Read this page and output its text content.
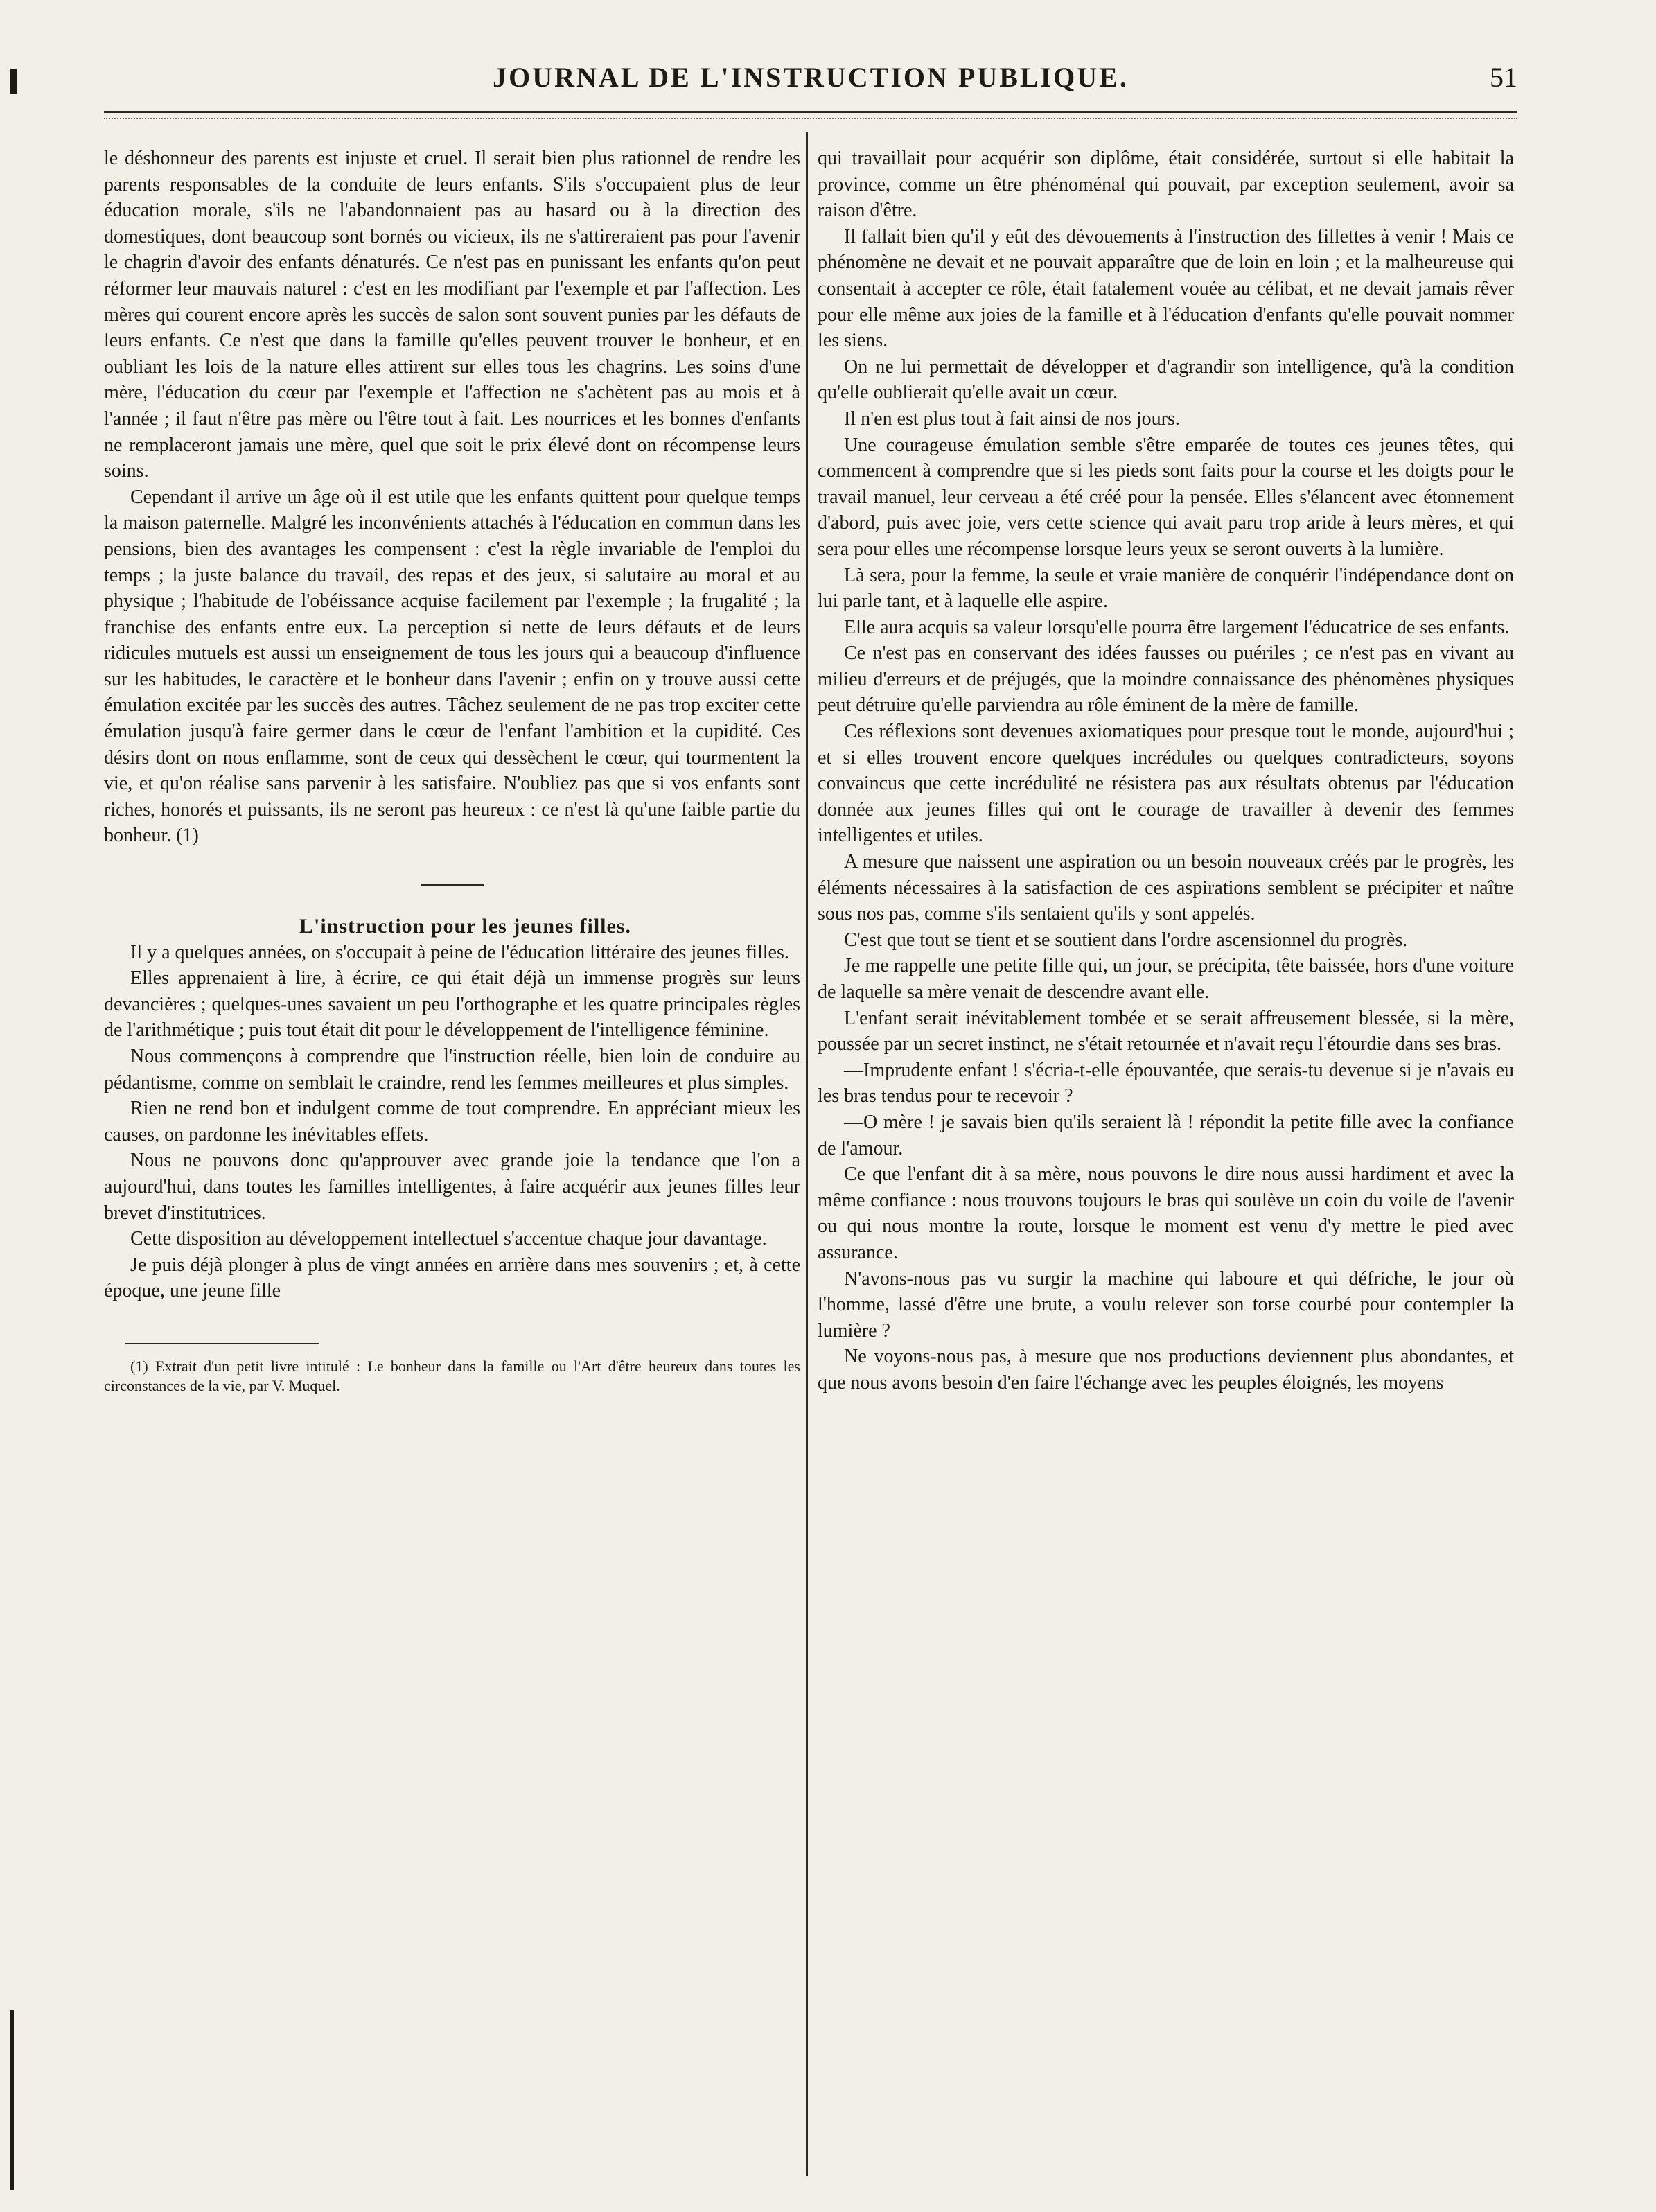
JOURNAL DE L'INSTRUCTION PUBLIQUE.	51

le déshonneur des parents est injuste et cruel. Il serait bien plus rationnel de rendre les parents responsables de la conduite de leurs enfants. S'ils s'occupaient plus de leur éducation morale, s'ils ne l'abandonnaient pas au hasard ou à la direction des domestiques, dont beaucoup sont bornés ou vicieux, ils ne s'attireraient pas pour l'avenir le chagrin d'avoir des enfants dénaturés. Ce n'est pas en punissant les enfants qu'on peut réformer leur mauvais naturel : c'est en les modifiant par l'exemple et par l'affection. Les mères qui courent encore après les succès de salon sont souvent punies par les défauts de leurs enfants. Ce n'est que dans la famille qu'elles peuvent trouver le bonheur, et en oubliant les lois de la nature elles attirent sur elles tous les chagrins. Les soins d'une mère, l'éducation du cœur par l'exemple et l'affection ne s'achètent pas au mois et à l'année ; il faut n'être pas mère ou l'être tout à fait. Les nourrices et les bonnes d'enfants ne remplaceront jamais une mère, quel que soit le prix élevé dont on récompense leurs soins.

Cependant il arrive un âge où il est utile que les enfants quittent pour quelque temps la maison paternelle. Malgré les inconvénients attachés à l'éducation en commun dans les pensions, bien des avantages les compensent : c'est la règle invariable de l'emploi du temps ; la juste balance du travail, des repas et des jeux, si salutaire au moral et au physique ; l'habitude de l'obéissance acquise facilement par l'exemple ; la frugalité ; la franchise des enfants entre eux. La perception si nette de leurs défauts et de leurs ridicules mutuels est aussi un enseignement de tous les jours qui a beaucoup d'influence sur les habitudes, le caractère et le bonheur dans l'avenir ; enfin on y trouve aussi cette émulation excitée par les succès des autres. Tâchez seulement de ne pas trop exciter cette émulation jusqu'à faire germer dans le cœur de l'enfant l'ambition et la cupidité. Ces désirs dont on nous enflamme, sont de ceux qui dessèchent le cœur, qui tourmentent la vie, et qu'on réalise sans parvenir à les satisfaire. N'oubliez pas que si vos enfants sont riches, honorés et puissants, ils ne seront pas heureux : ce n'est là qu'une faible partie du bonheur. (1)

L'instruction pour les jeunes filles.

Il y a quelques années, on s'occupait à peine de l'éducation littéraire des jeunes filles.

Elles apprenaient à lire, à écrire, ce qui était déjà un immense progrès sur leurs devancières ; quelques-unes savaient un peu l'orthographe et les quatre principales règles de l'arithmétique ; puis tout était dit pour le développement de l'intelligence féminine.

Nous commençons à comprendre que l'instruction réelle, bien loin de conduire au pédantisme, comme on semblait le craindre, rend les femmes meilleures et plus simples.

Rien ne rend bon et indulgent comme de tout comprendre. En appréciant mieux les causes, on pardonne les inévitables effets.

Nous ne pouvons donc qu'approuver avec grande joie la tendance que l'on a aujourd'hui, dans toutes les familles intelligentes, à faire acquérir aux jeunes filles leur brevet d'institutrices.

Cette disposition au développement intellectuel s'accentue chaque jour davantage.

Je puis déjà plonger à plus de vingt années en arrière dans mes souvenirs ; et, à cette époque, une jeune fille

(1) Extrait d'un petit livre intitulé : Le bonheur dans la famille ou l'Art d'être heureux dans toutes les circonstances de la vie, par V. Muquel.

qui travaillait pour acquérir son diplôme, était considérée, surtout si elle habitait la province, comme un être phénoménal qui pouvait, par exception seulement, avoir sa raison d'être.

Il fallait bien qu'il y eût des dévouements à l'instruction des fillettes à venir ! Mais ce phénomène ne devait et ne pouvait apparaître que de loin en loin ; et la malheureuse qui consentait à accepter ce rôle, était fatalement vouée au célibat, et ne devait jamais rêver pour elle même aux joies de la famille et à l'éducation d'enfants qu'elle pouvait nommer les siens.

On ne lui permettait de développer et d'agrandir son intelligence, qu'à la condition qu'elle oublierait qu'elle avait un cœur.

Il n'en est plus tout à fait ainsi de nos jours.

Une courageuse émulation semble s'être emparée de toutes ces jeunes têtes, qui commencent à comprendre que si les pieds sont faits pour la course et les doigts pour le travail manuel, leur cerveau a été créé pour la pensée. Elles s'élancent avec étonnement d'abord, puis avec joie, vers cette science qui avait paru trop aride à leurs mères, et qui sera pour elles une récompense lorsque leurs yeux se seront ouverts à la lumière.

Là sera, pour la femme, la seule et vraie manière de conquérir l'indépendance dont on lui parle tant, et à laquelle elle aspire.

Elle aura acquis sa valeur lorsqu'elle pourra être largement l'éducatrice de ses enfants.

Ce n'est pas en conservant des idées fausses ou puériles ; ce n'est pas en vivant au milieu d'erreurs et de préjugés, que la moindre connaissance des phénomènes physiques peut détruire qu'elle parviendra au rôle éminent de la mère de famille.

Ces réflexions sont devenues axiomatiques pour presque tout le monde, aujourd'hui ; et si elles trouvent encore quelques incrédules ou quelques contradicteurs, soyons convaincus que cette incrédulité ne résistera pas aux résultats obtenus par l'éducation donnée aux jeunes filles qui ont le courage de travailler à devenir des femmes intelligentes et utiles.

A mesure que naissent une aspiration ou un besoin nouveaux créés par le progrès, les éléments nécessaires à la satisfaction de ces aspirations semblent se précipiter et naître sous nos pas, comme s'ils sentaient qu'ils y sont appelés.

C'est que tout se tient et se soutient dans l'ordre ascensionnel du progrès.

Je me rappelle une petite fille qui, un jour, se précipita, tête baissée, hors d'une voiture de laquelle sa mère venait de descendre avant elle.

L'enfant serait inévitablement tombée et se serait affreusement blessée, si la mère, poussée par un secret instinct, ne s'était retournée et n'avait reçu l'étourdie dans ses bras.

—Imprudente enfant ! s'écria-t-elle épouvantée, que serais-tu devenue si je n'avais eu les bras tendus pour te recevoir ?

—O mère ! je savais bien qu'ils seraient là ! répondit la petite fille avec la confiance de l'amour.

Ce que l'enfant dit à sa mère, nous pouvons le dire nous aussi hardiment et avec la même confiance : nous trouvons toujours le bras qui soulève un coin du voile de l'avenir ou qui nous montre la route, lorsque le moment est venu d'y mettre le pied avec assurance.

N'avons-nous pas vu surgir la machine qui laboure et qui défriche, le jour où l'homme, lassé d'être une brute, a voulu relever son torse courbé pour contempler la lumière ?

Ne voyons-nous pas, à mesure que nos productions deviennent plus abondantes, et que nous avons besoin d'en faire l'échange avec les peuples éloignés, les moyens
